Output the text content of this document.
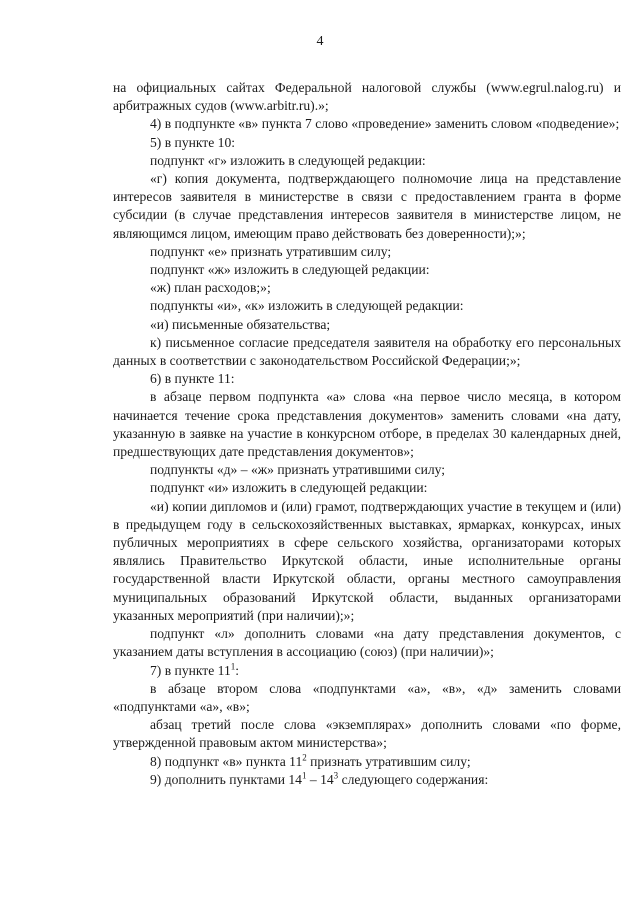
4

на официальных сайтах Федеральной налоговой службы (www.egrul.nalog.ru) и арбитражных судов (www.arbitr.ru).»;

4) в подпункте «в» пункта 7 слово «проведение» заменить словом «подведение»;

5) в пункте 10:

подпункт «г» изложить в следующей редакции:

«г) копия документа, подтверждающего полномочие лица на представление интересов заявителя в министерстве в связи с предоставлением гранта в форме субсидии (в случае представления интересов заявителя в министерстве лицом, не являющимся лицом, имеющим право действовать без доверенности);»;

подпункт «е» признать утратившим силу;

подпункт «ж» изложить в следующей редакции:

«ж) план расходов;»;

подпункты «и», «к» изложить в следующей редакции:

«и) письменные обязательства;

к) письменное согласие председателя заявителя на обработку его персональных данных в соответствии с законодательством Российской Федерации;»;

6) в пункте 11:

в абзаце первом подпункта «а» слова «на первое число месяца, в котором начинается течение срока представления документов» заменить словами «на дату, указанную в заявке на участие в конкурсном отборе, в пределах 30 календарных дней, предшествующих дате представления документов»;

подпункты «д» – «ж» признать утратившими силу;

подпункт «и» изложить в следующей редакции:

«и) копии дипломов и (или) грамот, подтверждающих участие в текущем и (или) в предыдущем году в сельскохозяйственных выставках, ярмарках, конкурсах, иных публичных мероприятиях в сфере сельского хозяйства, организаторами которых являлись Правительство Иркутской области, иные исполнительные органы государственной власти Иркутской области, органы местного самоуправления муниципальных образований Иркутской области, выданных организаторами указанных мероприятий (при наличии);»;

подпункт «л» дополнить словами «на дату представления документов, с указанием даты вступления в ассоциацию (союз) (при наличии)»;

7) в пункте $11^1$:

в абзаце втором слова «подпунктами «а», «в», «д» заменить словами «подпунктами «а», «в»;

абзац третий после слова «экземплярах» дополнить словами «по форме, утвержденной правовым актом министерства»;

8) подпункт «в» пункта $11^2$ признать утратившим силу;

9) дополнить пунктами $14^1 - 14^3$ следующего содержания:
